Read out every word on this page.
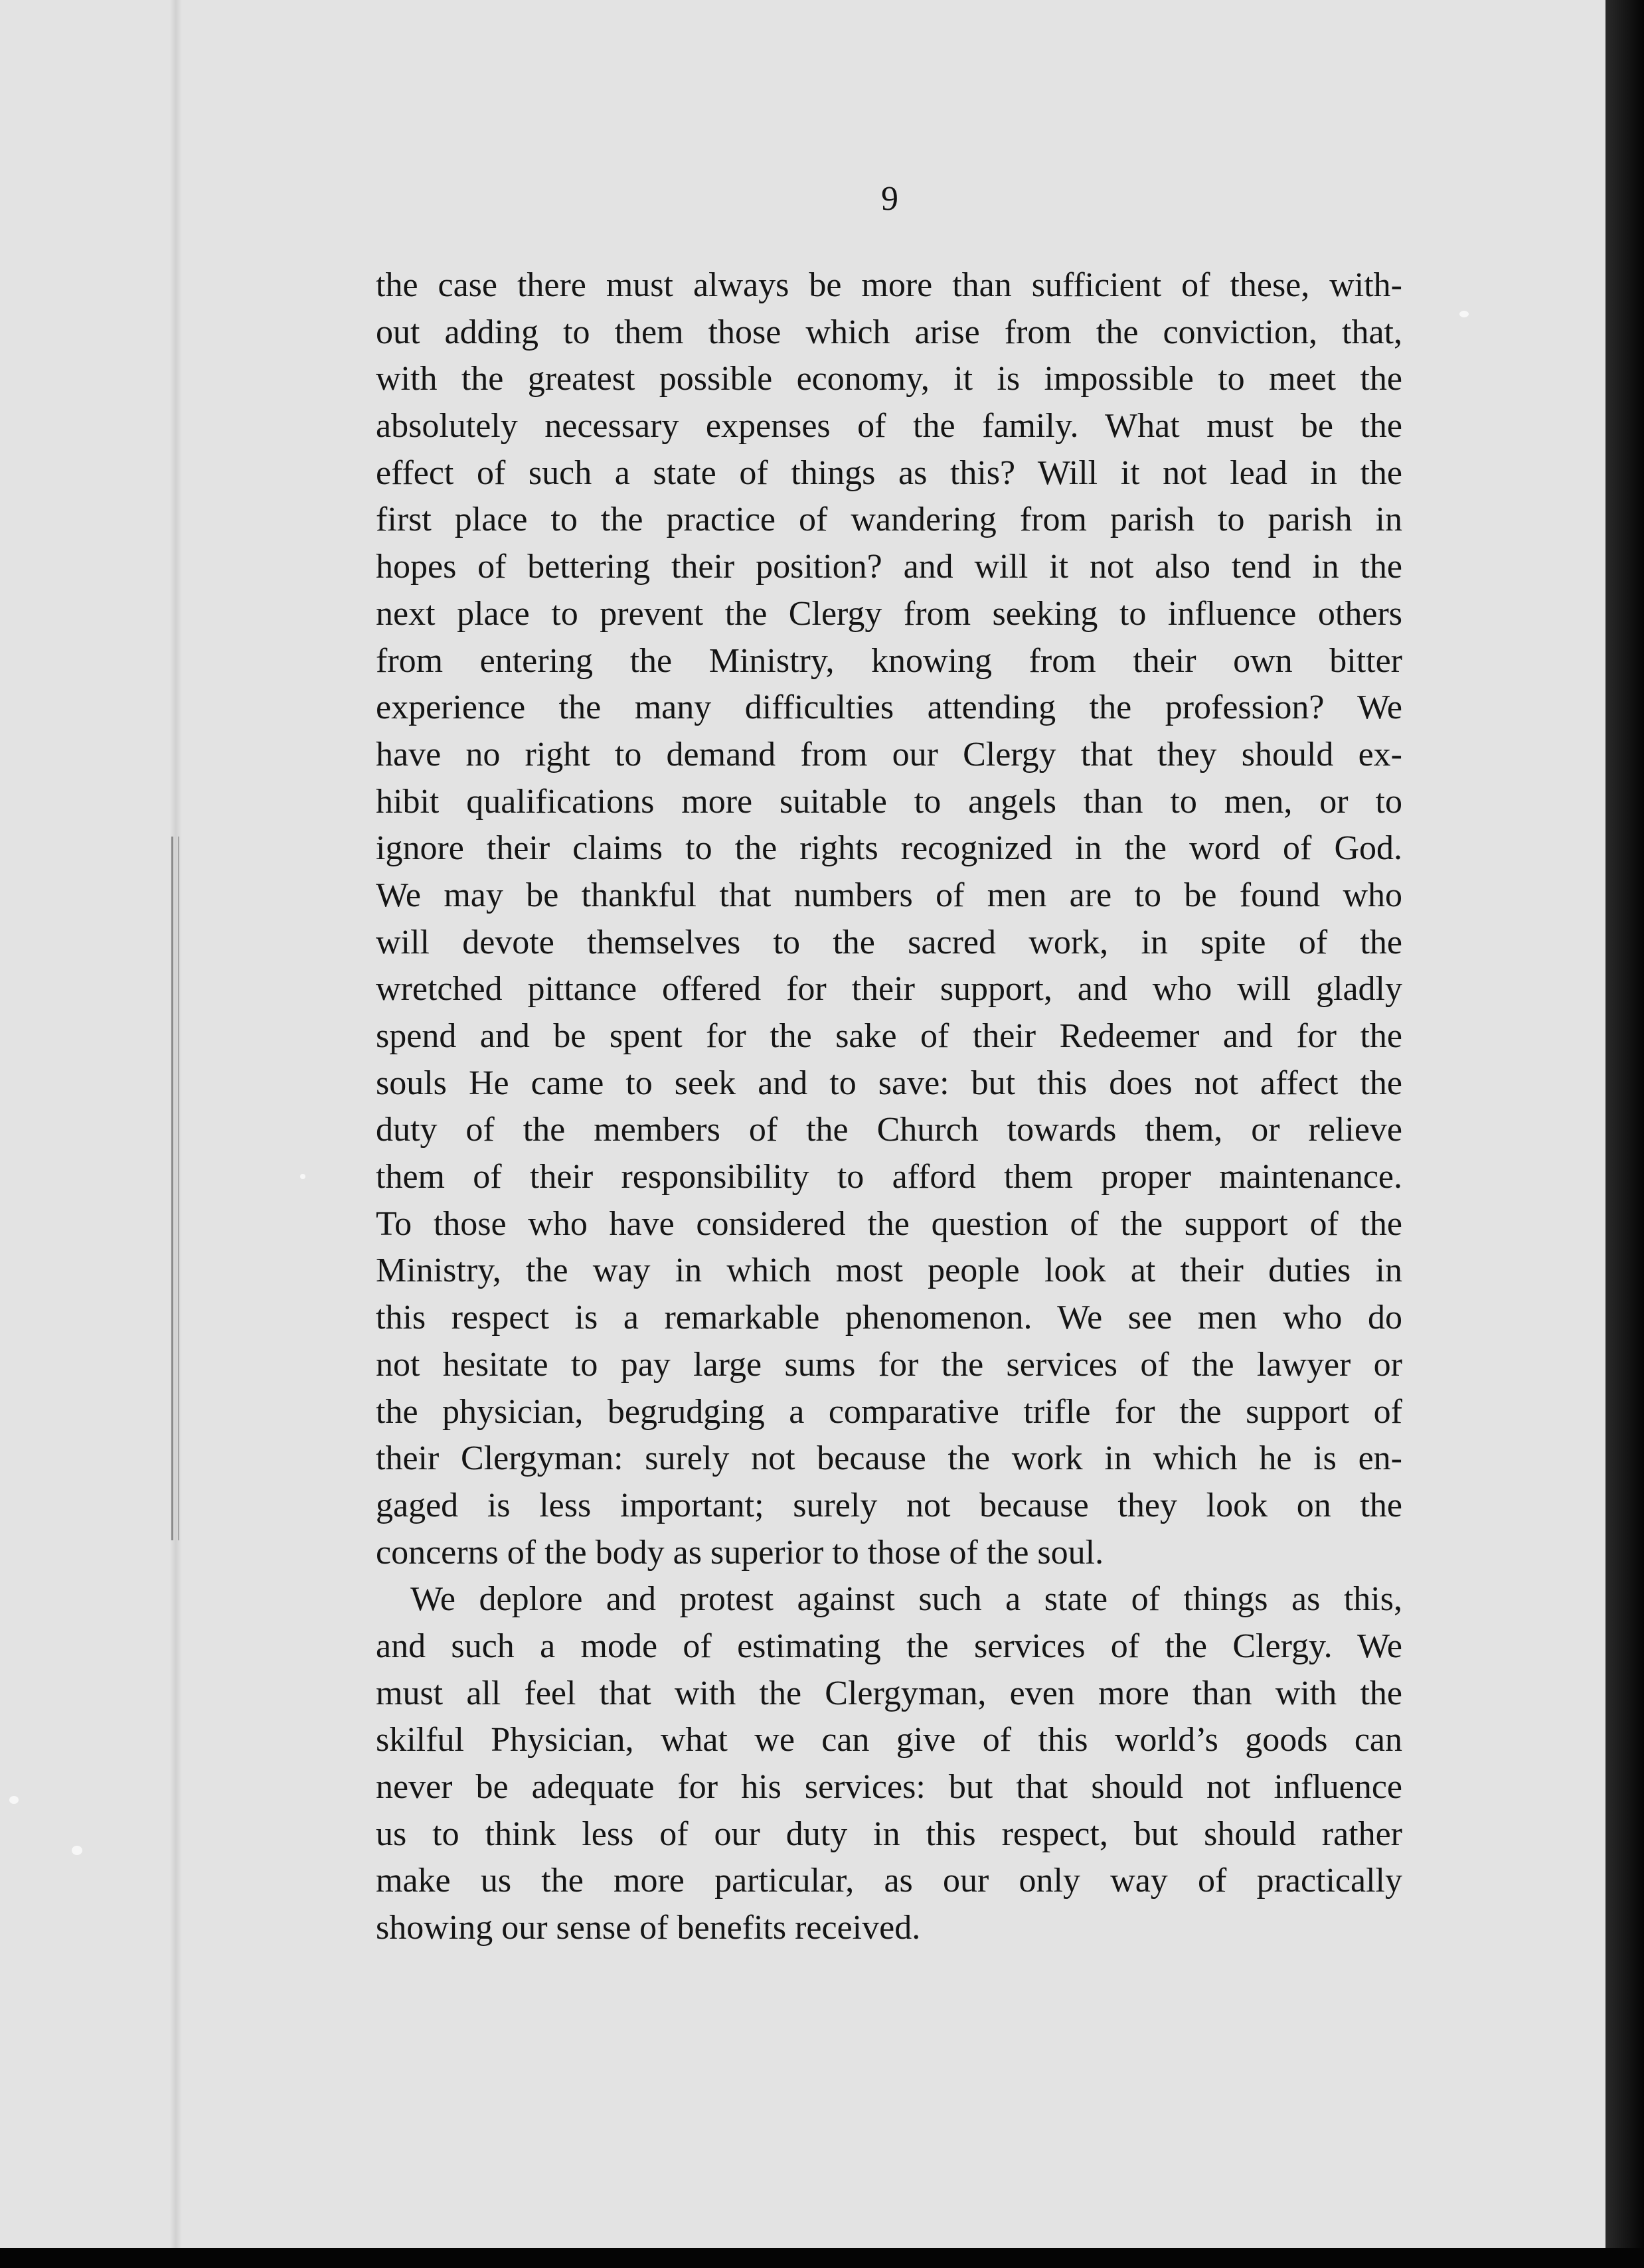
9
the case there must always be more than sufficient of these, with-
out adding to them those which arise from the conviction, that,
with the greatest possible economy, it is impossible to meet the
absolutely necessary expenses of the family. What must be the
effect of such a state of things as this? Will it not lead in the
first place to the practice of wandering from parish to parish in
hopes of bettering their position? and will it not also tend in the
next place to prevent the Clergy from seeking to influence others
from entering the Ministry, knowing from their own bitter
experience the many difficulties attending the profession? We
have no right to demand from our Clergy that they should ex-
hibit qualifications more suitable to angels than to men, or to
ignore their claims to the rights recognized in the word of God.
We may be thankful that numbers of men are to be found who
will devote themselves to the sacred work, in spite of the
wretched pittance offered for their support, and who will gladly
spend and be spent for the sake of their Redeemer and for the
souls He came to seek and to save: but this does not affect the
duty of the members of the Church towards them, or relieve
them of their responsibility to afford them proper maintenance.
To those who have considered the question of the support of the
Ministry, the way in which most people look at their duties in
this respect is a remarkable phenomenon. We see men who do
not hesitate to pay large sums for the services of the lawyer or
the physician, begrudging a comparative trifle for the support of
their Clergyman: surely not because the work in which he is en-
gaged is less important; surely not because they look on the
concerns of the body as superior to those of the soul.
We deplore and protest against such a state of things as this,
and such a mode of estimating the services of the Clergy. We
must all feel that with the Clergyman, even more than with the
skilful Physician, what we can give of this world’s goods can
never be adequate for his services: but that should not influence
us to think less of our duty in this respect, but should rather
make us the more particular, as our only way of practically
showing our sense of benefits received.
